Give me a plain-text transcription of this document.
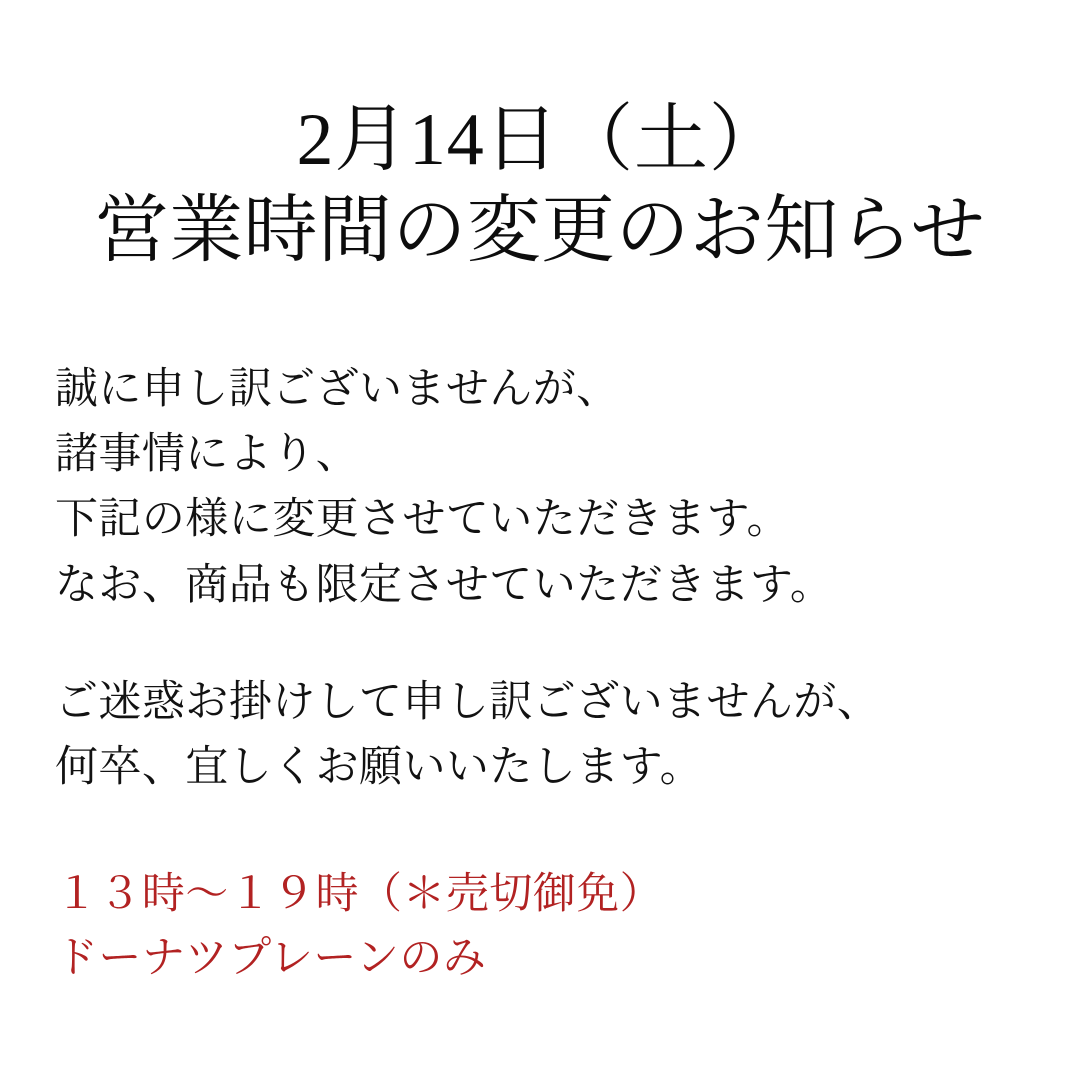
2月14日（土）
営業時間の変更のお知らせ
誠に申し訳ございませんが、
諸事情により、
下記の様に変更させていただきます。
なお、商品も限定させていただきます。
ご迷惑お掛けして申し訳ございませんが、
何卒、宜しくお願いいたします。
１３時〜１９時（＊売切御免）
ドーナツプレーンのみ
